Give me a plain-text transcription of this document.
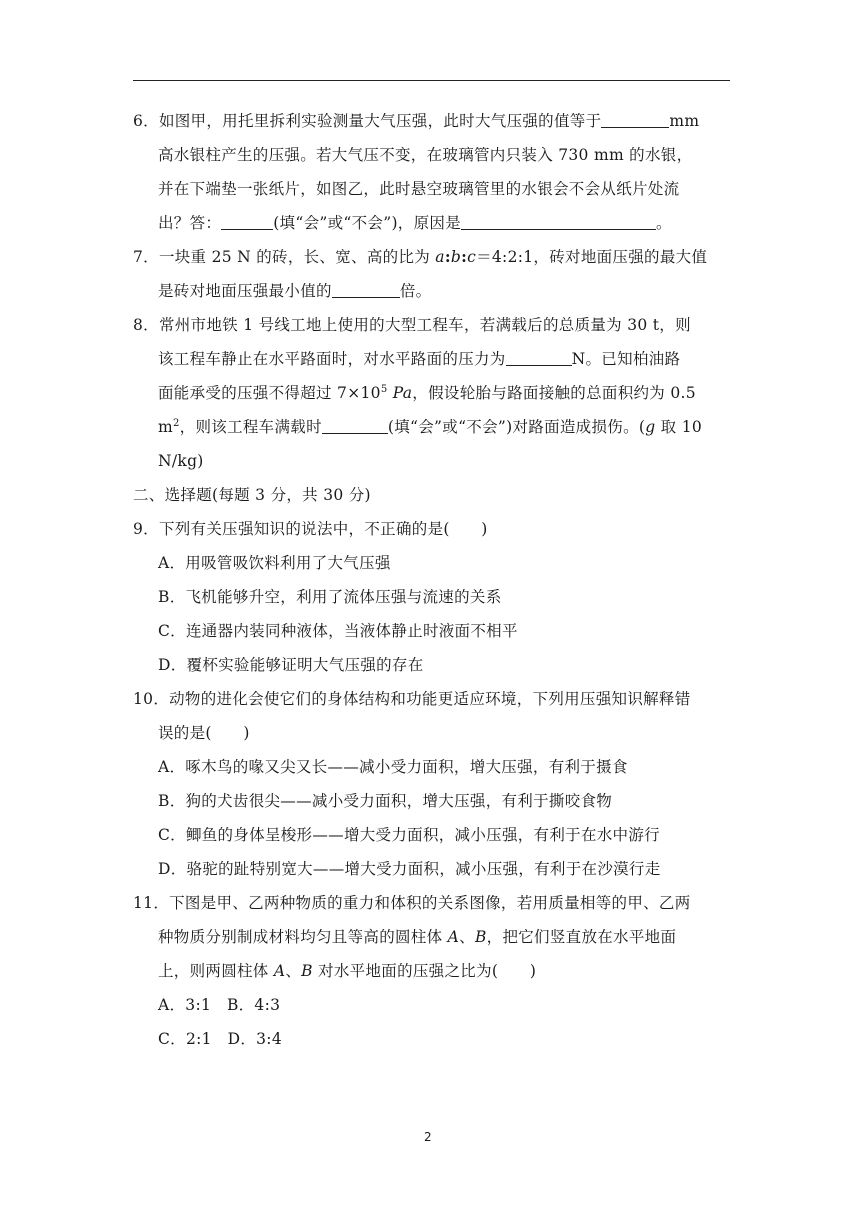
6．如图甲，用托里拆利实验测量大气压强，此时大气压强的值等于	mm
高水银柱产生的压强。若大气压不变，在玻璃管内只装入 730 mm 的水银，
并在下端垫一张纸片，如图乙，此时悬空玻璃管里的水银会不会从纸片处流
出？答：	(填“会”或“不会”)，原因是	。
7．一块重 25 N 的砖，长、宽、高的比为 a:b:c＝4:2:1，砖对地面压强的最大值
是砖对地面压强最小值的	倍。
8．常州市地铁 1 号线工地上使用的大型工程车，若满载后的总质量为 30 t，则
该工程车静止在水平路面时，对水平路面的压力为	N。已知柏油路
面能承受的压强不得超过 $7\times 10^5$ Pa，假设轮胎与路面接触的总面积约为 0.5
$m^2$，则该工程车满载时	(填“会”或“不会”)对路面造成损伤。(g 取 10
N/kg)
二、选择题(每题 3 分，共 30 分)
9．下列有关压强知识的说法中，不正确的是(　　)
A．用吸管吸饮料利用了大气压强
B．飞机能够升空，利用了流体压强与流速的关系
C．连通器内装同种液体，当液体静止时液面不相平
D．覆杯实验能够证明大气压强的存在
10．动物的进化会使它们的身体结构和功能更适应环境，下列用压强知识解释错
误的是(　　)
A．啄木鸟的喙又尖又长——减小受力面积，增大压强，有利于摄食
B．狗的犬齿很尖——减小受力面积，增大压强，有利于撕咬食物
C．鲫鱼的身体呈梭形——增大受力面积，减小压强，有利于在水中游行
D．骆驼的趾特别宽大——增大受力面积，减小压强，有利于在沙漠行走
11．下图是甲、乙两种物质的重力和体积的关系图像，若用质量相等的甲、乙两
种物质分别制成材料均匀且等高的圆柱体 A、B，把它们竖直放在水平地面
上，则两圆柱体 A、B 对水平地面的压强之比为(　　)
A．3:1　B．4:3
C．2:1　D．3:4
2
